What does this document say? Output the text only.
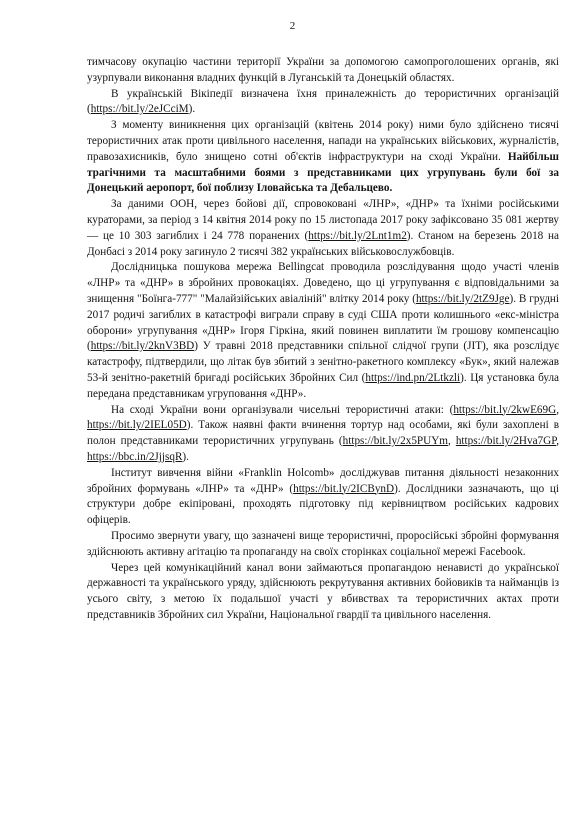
2

тимчасову окупацію частини території України за допомогою самопроголошених органів, які узурпували виконання владних функцій в Луганській та Донецькій областях.

В українській Вікіпедії визначена їхня приналежність до терористичних організацій (https://bit.ly/2eJCciM).

З моменту виникнення цих організацій (квітень 2014 року) ними було здійснено тисячі терористичних атак проти цивільного населення, напади на українських військових, журналістів, правозахисників, було знищено сотні об'єктів інфраструктури на сході України. Найбільш трагічними та масштабними боями з представниками цих угрупувань були бої за Донецький аеропорт, бої поблизу Іловайська та Дебальцево.

За даними ООН, через бойові дії, спровоковані «ЛНР», «ДНР» та їхніми російськими кураторами, за період з 14 квітня 2014 року по 15 листопада 2017 року зафіксовано 35 081 жертву — це 10 303 загиблих і 24 778 поранених (https://bit.ly/2Lnt1m2). Станом на березень 2018 на Донбасі з 2014 року загинуло 2 тисячі 382 українських військовослужбовців.

Дослідницька пошукова мережа Bellingcat проводила розслідування щодо участі членів «ЛНР» та «ДНР» в збройних провокаціях. Доведено, що ці угрупування є відповідальними за знищення "Боїнга-777" "Малайзійських авіаліній" влітку 2014 року (https://bit.ly/2tZ9Jge). В грудні 2017 родичі загиблих в катастрофі виграли справу в суді США проти колишнього «екс-міністра оборони» угрупування «ДНР» Ігоря Гіркіна, який повинен виплатити їм грошову компенсацію (https://bit.ly/2knV3BD) У травні 2018 представники спільної слідчої групи (JIT), яка розслідує катастрофу, підтвердили, що літак був збитий з зенітно-ракетного комплексу «Бук», який належав 53-й зенітно-ракетній бригаді російських Збройних Сил (https://ind.pn/2Ltkzli). Ця установка була передана представникам угруповання «ДНР».

На сході України вони організували чисельні терористичні атаки: (https://bit.ly/2kwE69G, https://bit.ly/2IEL05D). Також наявні факти вчинення тортур над особами, які були захоплені в полон представниками терористичних угрупувань (https://bit.ly/2x5PUYm, https://bit.ly/2Hva7GP, https://bbc.in/2JjjsqR).

Інститут вивчення війни «Franklin Holcomb» досліджував питання діяльності незаконних збройних формувань «ЛНР» та «ДНР» (https://bit.ly/2ICBynD). Дослідники зазначають, що ці структури добре екіпіровані, проходять підготовку під керівництвом російських кадрових офіцерів.

Просимо звернути увагу, що зазначені вище терористичні, проросійські збройні формування здійснюють активну агітацію та пропаганду на своїх сторінках соціальної мережі Facebook.

Через цей комунікаційний канал вони займаються пропагандою ненависті до української державності та українського уряду, здійснюють рекрутування активних бойовиків та найманців із усього світу, з метою їх подальшої участі у вбивствах та терористичних актах проти представників Збройних сил України, Національної гвардії та цивільного населення.
